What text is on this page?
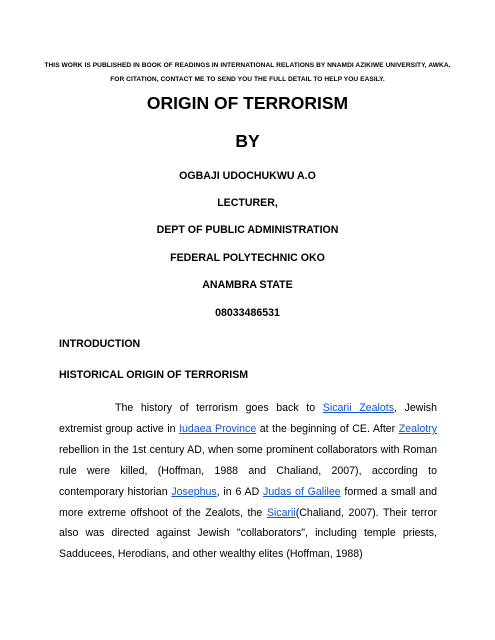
THIS WORK IS PUBLISHED IN BOOK OF READINGS IN INTERNATIONAL RELATIONS BY NNAMDI AZIKIWE UNIVERSITY, AWKA. FOR CITATION, CONTACT ME TO SEND YOU THE FULL DETAIL TO HELP YOU EASILY.
ORIGIN OF TERRORISM
BY
OGBAJI UDOCHUKWU A.O
LECTURER,
DEPT OF PUBLIC ADMINISTRATION
FEDERAL POLYTECHNIC OKO
ANAMBRA STATE
08033486531
INTRODUCTION
HISTORICAL ORIGIN OF TERRORISM

The history of terrorism goes back to Sicarii Zealots, Jewish extremist group active in Iudaea Province at the beginning of CE. After Zealotry rebellion in the 1st century AD, when some prominent collaborators with Roman rule were killed, (Hoffman, 1988 and Chaliand, 2007), according to contemporary historian Josephus, in 6 AD Judas of Galilee formed a small and more extreme offshoot of the Zealots, the Sicarii(Chaliand, 2007). Their terror also was directed against Jewish "collaborators", including temple priests, Sadducees, Herodians, and other wealthy elites (Hoffman, 1988)
